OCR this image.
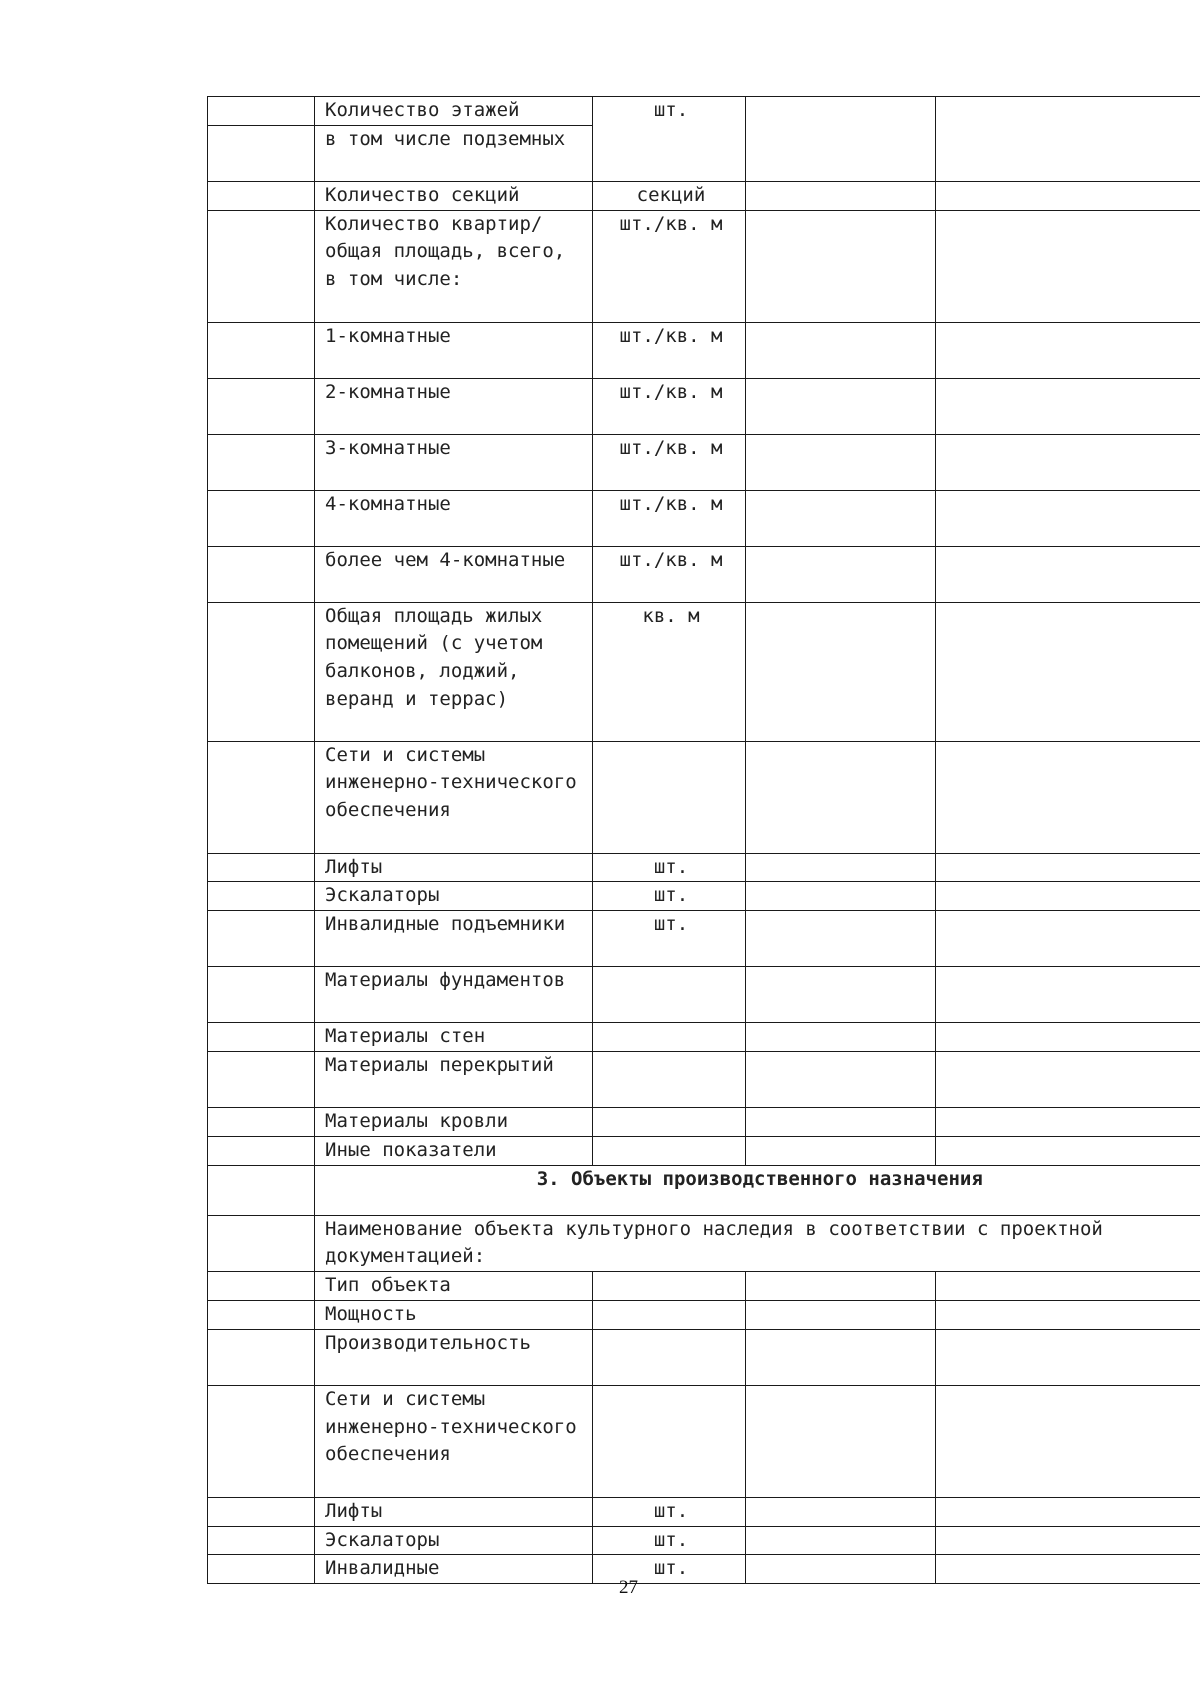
	Количество этажей	шт.		
	в том числе подземных			
	Количество секций	секций		
	Количество квартир/общая площадь, всего, в том числе:	шт./кв. м		
	1-комнатные	шт./кв. м		
	2-комнатные	шт./кв. м		
	3-комнатные	шт./кв. м		
	4-комнатные	шт./кв. м		
	более чем 4-комнатные	шт./кв. м		
	Общая площадь жилых помещений (с учетом балконов, лоджий, веранд и террас)	кв. м		
	Сети и системы инженерно-технического обеспечения			
	Лифты	шт.		
	Эскалаторы	шт.		
	Инвалидные подъемники	шт.		
	Материалы фундаментов			
	Материалы стен			
	Материалы перекрытий			
	Материалы кровли			
	Иные показатели			
	3. Объекты производственного назначения			
	Наименование объекта культурного наследия в соответствии с проектной документацией:			
	Тип объекта			
	Мощность			
	Производительность			
	Сети и системы инженерно-технического обеспечения			
	Лифты	шт.		
	Эскалаторы	шт.		
	Инвалидные	шт.		
27
